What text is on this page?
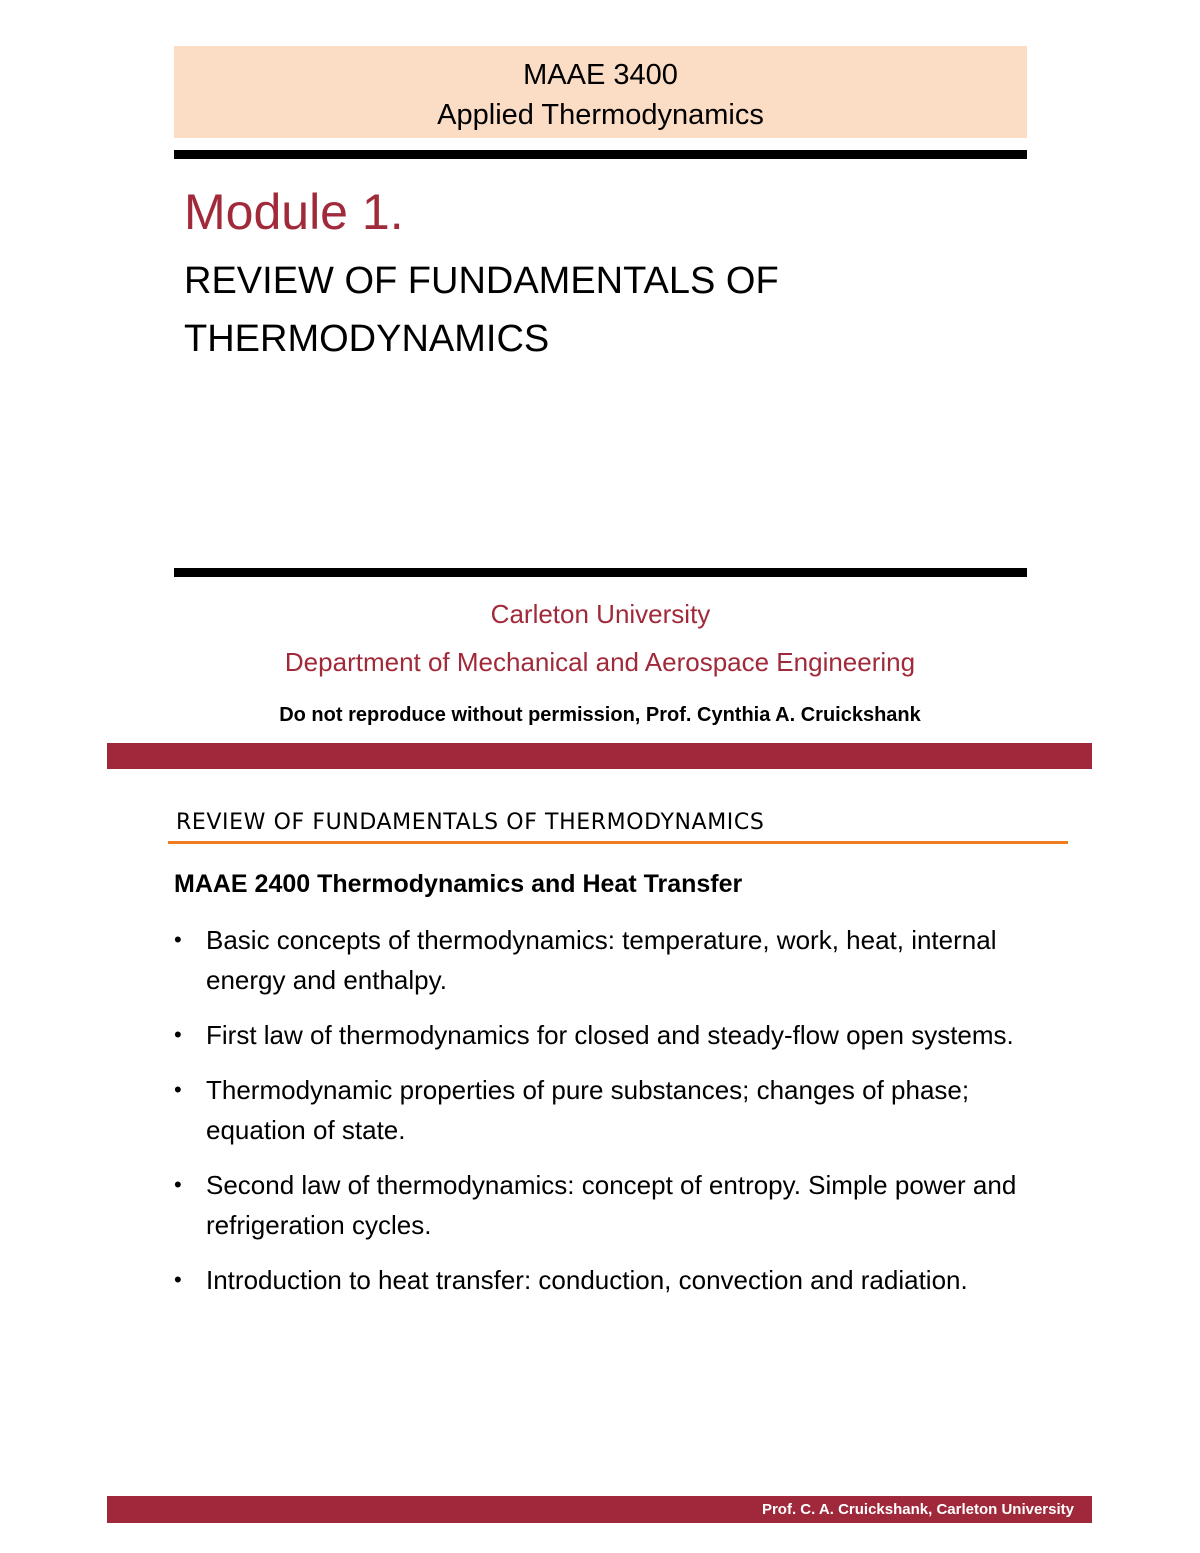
MAAE 3400
Applied Thermodynamics
Module 1.
REVIEW OF FUNDAMENTALS OF
THERMODYNAMICS
Carleton University
Department of Mechanical and Aerospace Engineering
Do not reproduce without permission, Prof. Cynthia A. Cruickshank
REVIEW OF FUNDAMENTALS OF THERMODYNAMICS
MAAE 2400 Thermodynamics and Heat Transfer
• Basic concepts of thermodynamics: temperature, work, heat, internal energy and enthalpy.
• First law of thermodynamics for closed and steady-flow open systems.
• Thermodynamic properties of pure substances; changes of phase; equation of state.
• Second law of thermodynamics: concept of entropy. Simple power and refrigeration cycles.
• Introduction to heat transfer: conduction, convection and radiation.
Prof. C. A. Cruickshank, Carleton University
